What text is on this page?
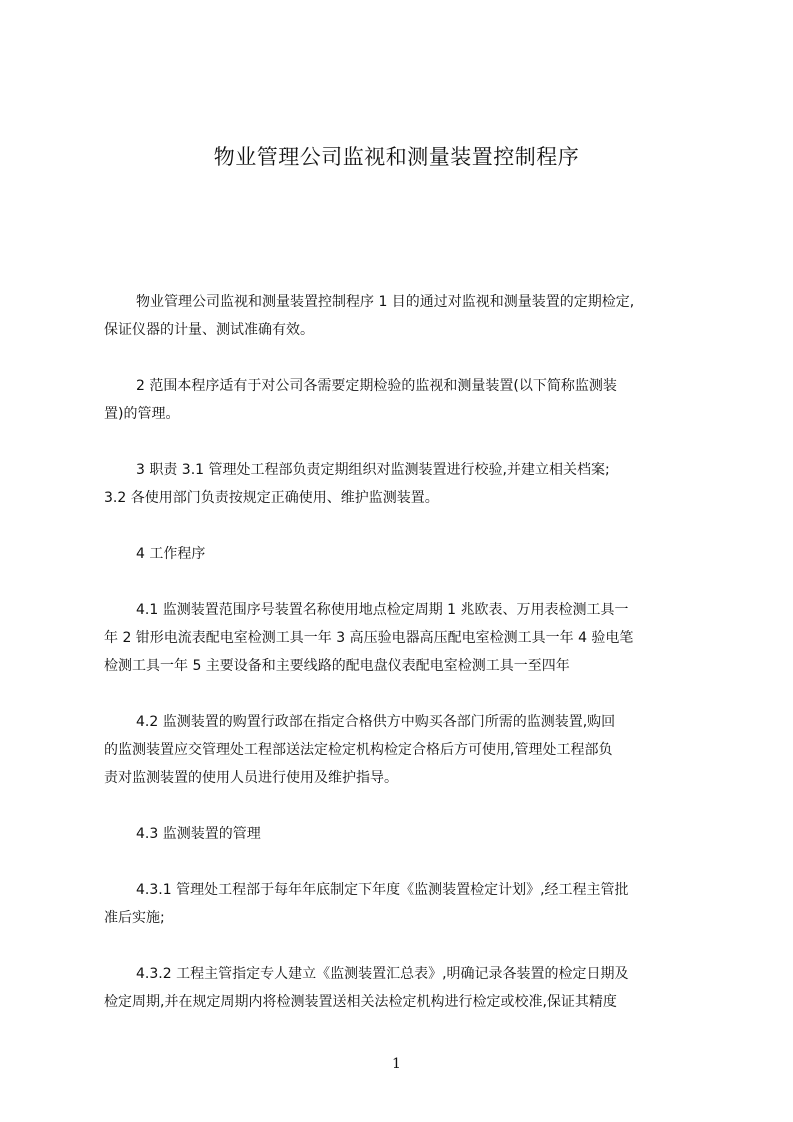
物业管理公司监视和测量装置控制程序
物业管理公司监视和测量装置控制程序 1 目的通过对监视和测量装置的定期检定,
保证仪器的计量、测试准确有效。
2 范围本程序适有于对公司各需要定期检验的监视和测量装置(以下简称监测装
置)的管理。
3 职责 3.1 管理处工程部负责定期组织对监测装置进行校验,并建立相关档案;
3.2 各使用部门负责按规定正确使用、维护监测装置。
4 工作程序
4.1 监测装置范围序号装置名称使用地点检定周期 1 兆欧表、万用表检测工具一
年 2 钳形电流表配电室检测工具一年 3 高压验电器高压配电室检测工具一年 4 验电笔
检测工具一年 5 主要设备和主要线路的配电盘仪表配电室检测工具一至四年
4.2 监测装置的购置行政部在指定合格供方中购买各部门所需的监测装置,购回
的监测装置应交管理处工程部送法定检定机构检定合格后方可使用,管理处工程部负
责对监测装置的使用人员进行使用及维护指导。
4.3 监测装置的管理
4.3.1 管理处工程部于每年年底制定下年度《监测装置检定计划》,经工程主管批
准后实施;
4.3.2 工程主管指定专人建立《监测装置汇总表》,明确记录各装置的检定日期及
检定周期,并在规定周期内将检测装置送相关法检定机构进行检定或校准,保证其精度
1
